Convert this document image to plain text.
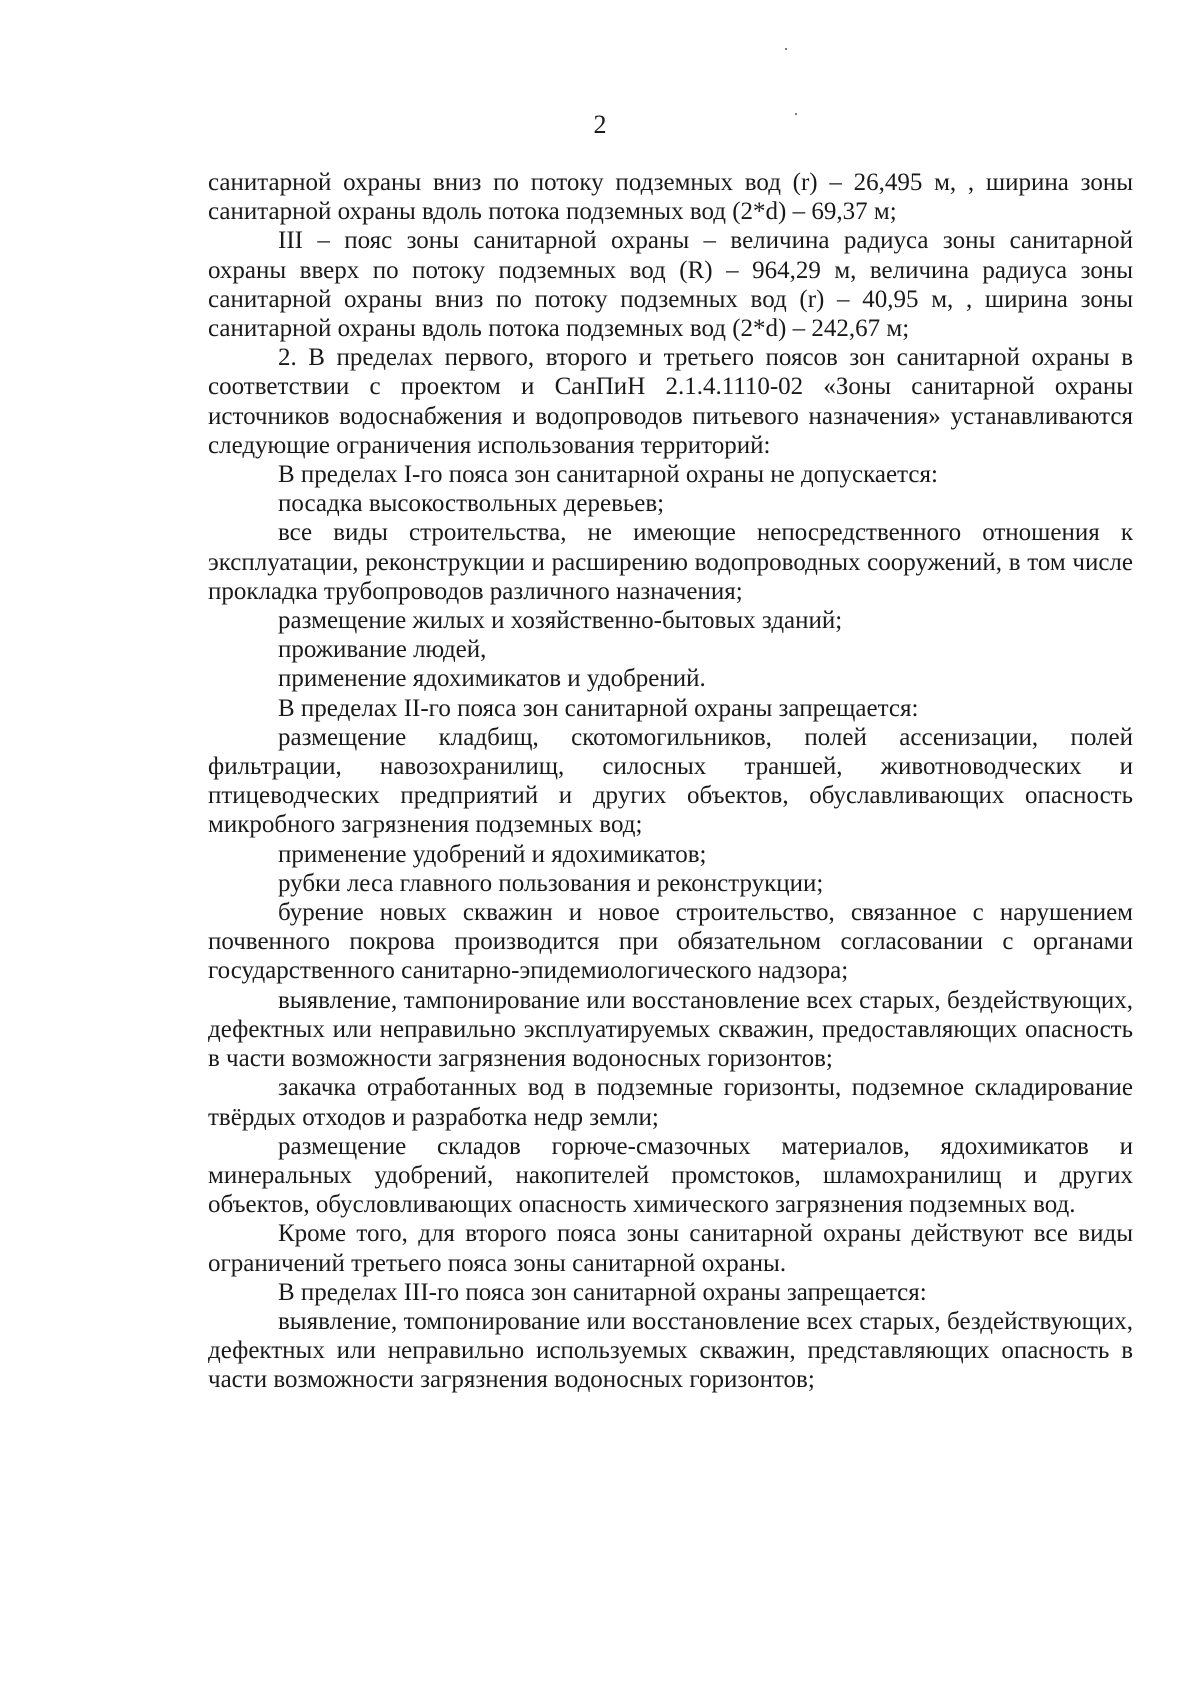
2

санитарной охраны вниз по потоку подземных вод (r) – 26,495 м, , ширина зоны санитарной охраны вдоль потока подземных вод (2*d) – 69,37 м;

III – пояс зоны санитарной охраны – величина радиуса зоны санитарной охраны вверх по потоку подземных вод (R) – 964,29 м, величина радиуса зоны санитарной охраны вниз по потоку подземных вод (r) – 40,95 м, , ширина зоны санитарной охраны вдоль потока подземных вод (2*d) – 242,67 м;

2. В пределах первого, второго и третьего поясов зон санитарной охраны в соответствии с проектом и СанПиН 2.1.4.1110-02 «Зоны санитарной охраны источников водоснабжения и водопроводов питьевого назначения» устанавливаются следующие ограничения использования территорий:

В пределах I-го пояса зон санитарной охраны не допускается:

посадка высокоствольных деревьев;

все виды строительства, не имеющие непосредственного отношения к эксплуатации, реконструкции и расширению водопроводных сооружений, в том числе прокладка трубопроводов различного назначения;

размещение жилых и хозяйственно-бытовых зданий;

проживание людей,

применение ядохимикатов и удобрений.

В пределах II-го пояса зон санитарной охраны запрещается:

размещение кладбищ, скотомогильников, полей ассенизации, полей фильтрации, навозохранилищ, силосных траншей, животноводческих и птицеводческих предприятий и других объектов, обуславливающих опасность микробного загрязнения подземных вод;

применение удобрений и ядохимикатов;

рубки леса главного пользования и реконструкции;

бурение новых скважин и новое строительство, связанное с нарушением почвенного покрова производится при обязательном согласовании с органами государственного санитарно-эпидемиологического надзора;

выявление, тампонирование или восстановление всех старых, бездействующих, дефектных или неправильно эксплуатируемых скважин, предоставляющих опасность в части возможности загрязнения водоносных горизонтов;

закачка отработанных вод в подземные горизонты, подземное складирование твёрдых отходов и разработка недр земли;

размещение складов горюче-смазочных материалов, ядохимикатов и минеральных удобрений, накопителей промстоков, шламохранилищ и других объектов, обусловливающих опасность химического загрязнения подземных вод.

Кроме того, для второго пояса зоны санитарной охраны действуют все виды ограничений третьего пояса зоны санитарной охраны.

В пределах III-го пояса зон санитарной охраны запрещается:

выявление, томпонирование или восстановление всех старых, бездействующих, дефектных или неправильно используемых скважин, представляющих опасность в части возможности загрязнения водоносных горизонтов;
